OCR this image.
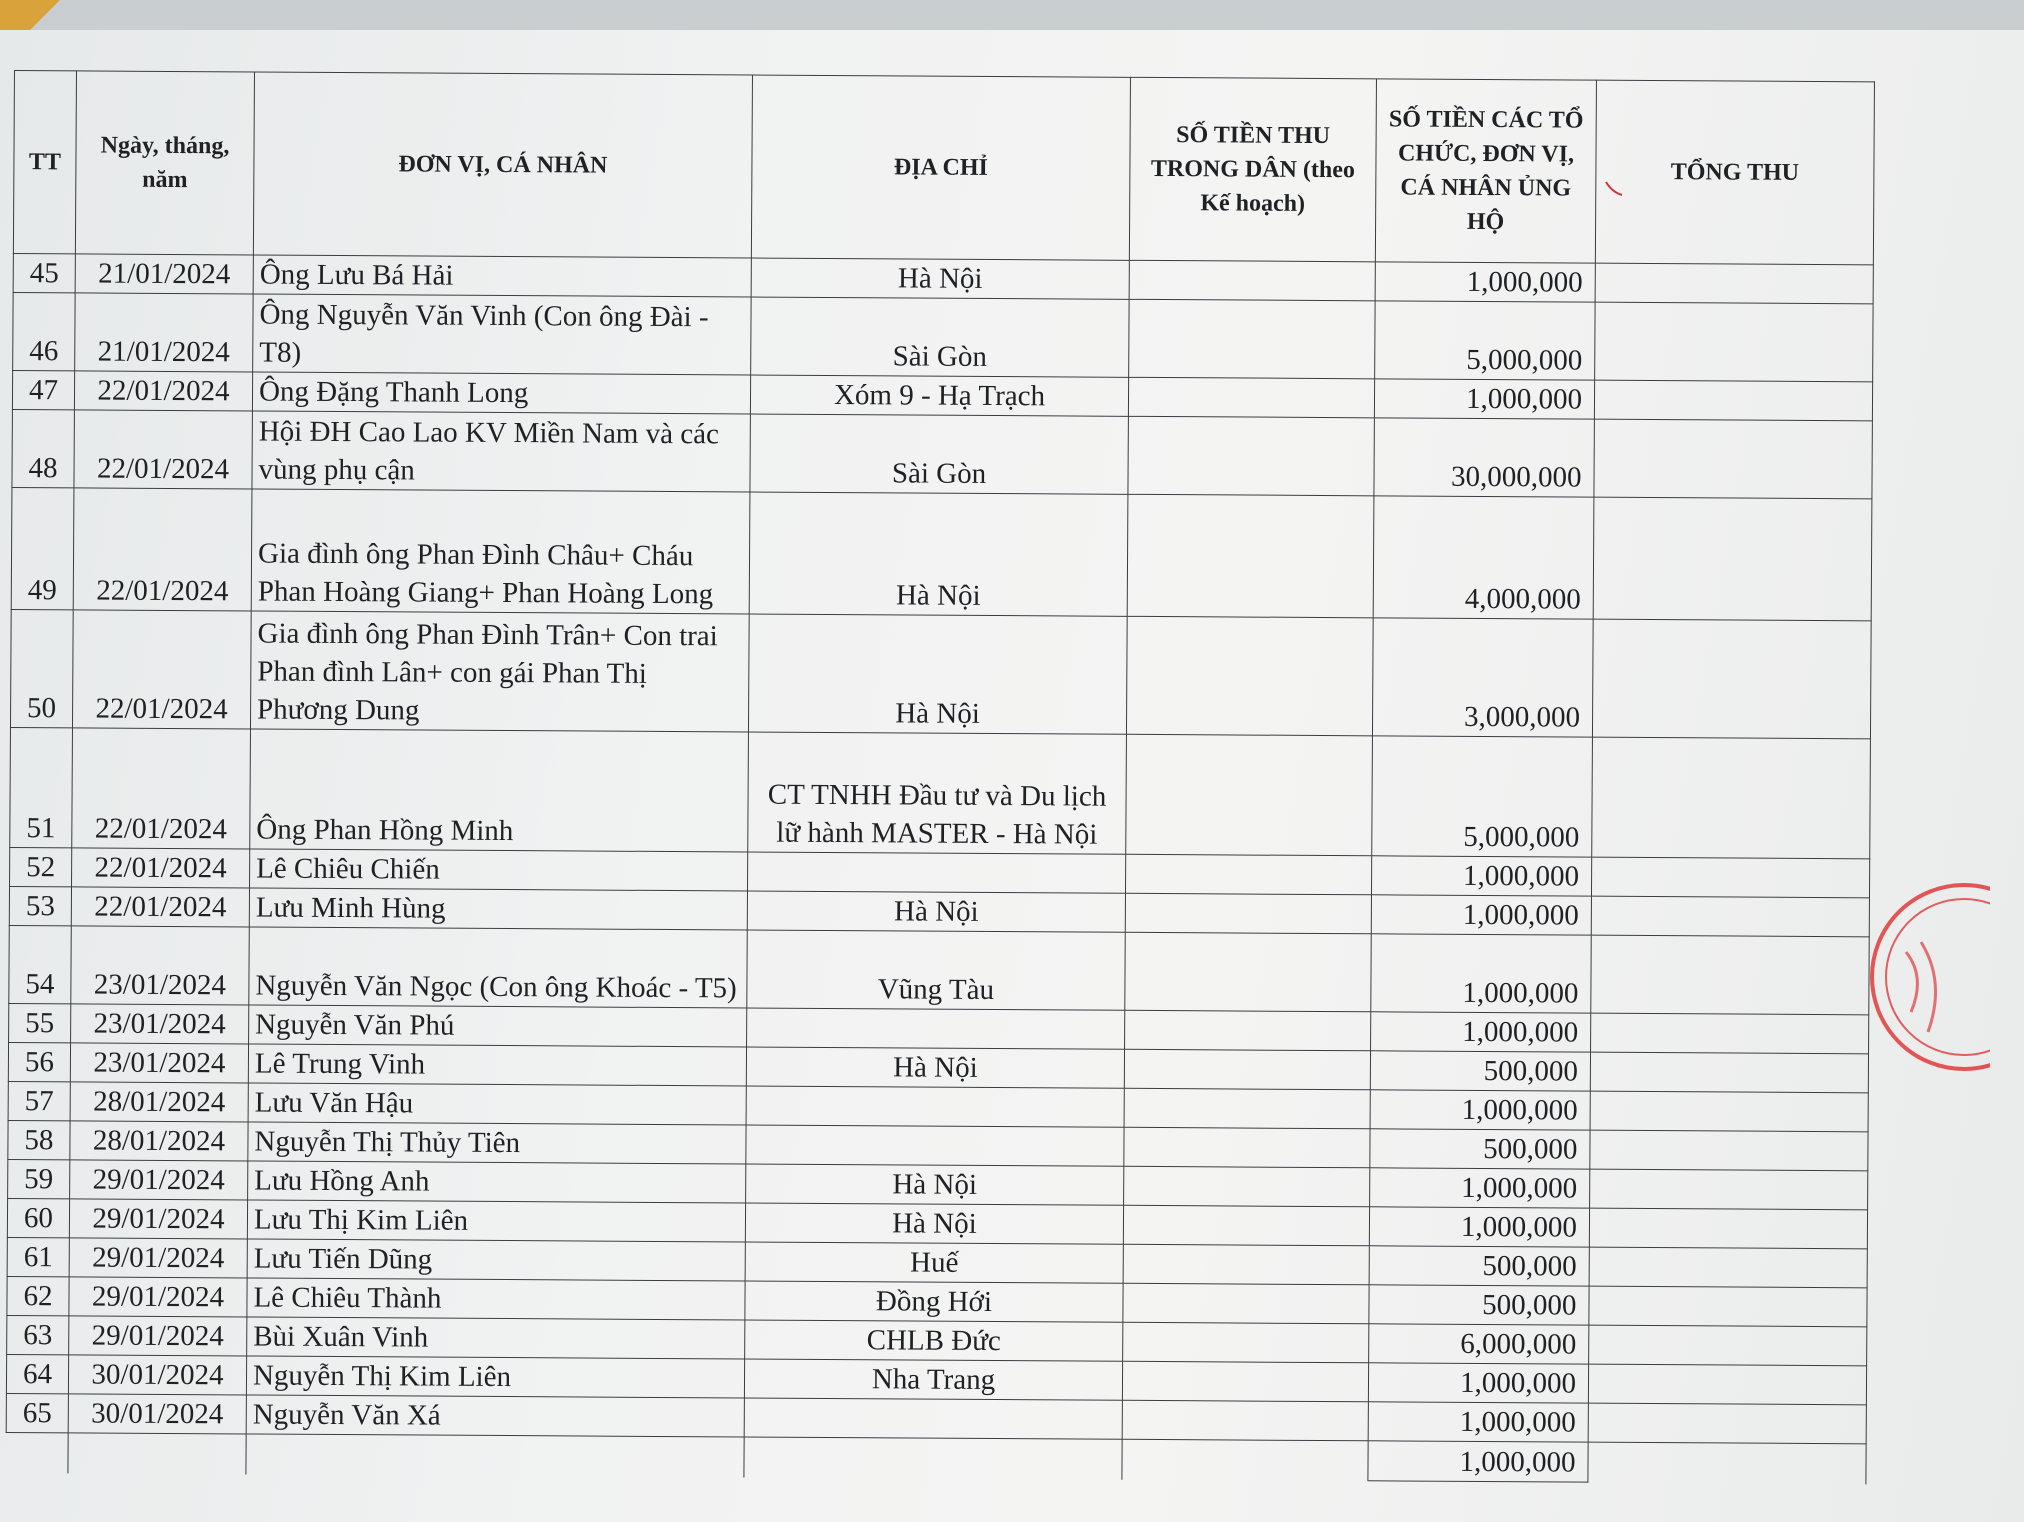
TT	Ngày, tháng, năm	ĐƠN VỊ, CÁ NHÂN	ĐỊA CHỈ	SỐ TIỀN THU TRONG DÂN (theo Kế hoạch)	SỐ TIỀN CÁC TỔ CHỨC, ĐƠN VỊ, CÁ NHÂN ỦNG HỘ	TỔNG THU
45	21/01/2024	Ông Lưu Bá Hải	Hà Nội		1,000,000	
46	21/01/2024	Ông Nguyễn Văn Vinh (Con ông Đài - T8)	Sài Gòn		5,000,000	
47	22/01/2024	Ông Đặng Thanh Long	Xóm 9 - Hạ Trạch		1,000,000	
48	22/01/2024	Hội ĐH Cao Lao KV Miền Nam và các vùng phụ cận	Sài Gòn		30,000,000	
49	22/01/2024	Gia đình ông Phan Đình Châu+ Cháu Phan Hoàng Giang+ Phan Hoàng Long	Hà Nội		4,000,000	
50	22/01/2024	Gia đình ông Phan Đình Trân+ Con trai Phan đình Lân+ con gái Phan Thị Phương Dung	Hà Nội		3,000,000	
51	22/01/2024	Ông Phan Hồng Minh	CT TNHH Đầu tư và Du lịch lữ hành MASTER - Hà Nội		5,000,000	
52	22/01/2024	Lê Chiêu Chiến			1,000,000	
53	22/01/2024	Lưu Minh Hùng	Hà Nội		1,000,000	
54	23/01/2024	Nguyễn Văn Ngọc (Con ông Khoác - T5)	Vũng Tàu		1,000,000	
55	23/01/2024	Nguyễn Văn Phú			1,000,000	
56	23/01/2024	Lê Trung Vinh	Hà Nội		500,000	
57	28/01/2024	Lưu Văn Hậu			1,000,000	
58	28/01/2024	Nguyễn Thị Thủy Tiên			500,000	
59	29/01/2024	Lưu Hồng Anh	Hà Nội		1,000,000	
60	29/01/2024	Lưu Thị Kim Liên	Hà Nội		1,000,000	
61	29/01/2024	Lưu Tiến Dũng	Huế		500,000	
62	29/01/2024	Lê Chiêu Thành	Đồng Hới		500,000	
63	29/01/2024	Bùi Xuân Vinh	CHLB Đức		6,000,000	
64	30/01/2024	Nguyễn Thị Kim Liên	Nha Trang		1,000,000	
65	30/01/2024	Nguyễn Văn Xá			1,000,000	
					1,000,000	
